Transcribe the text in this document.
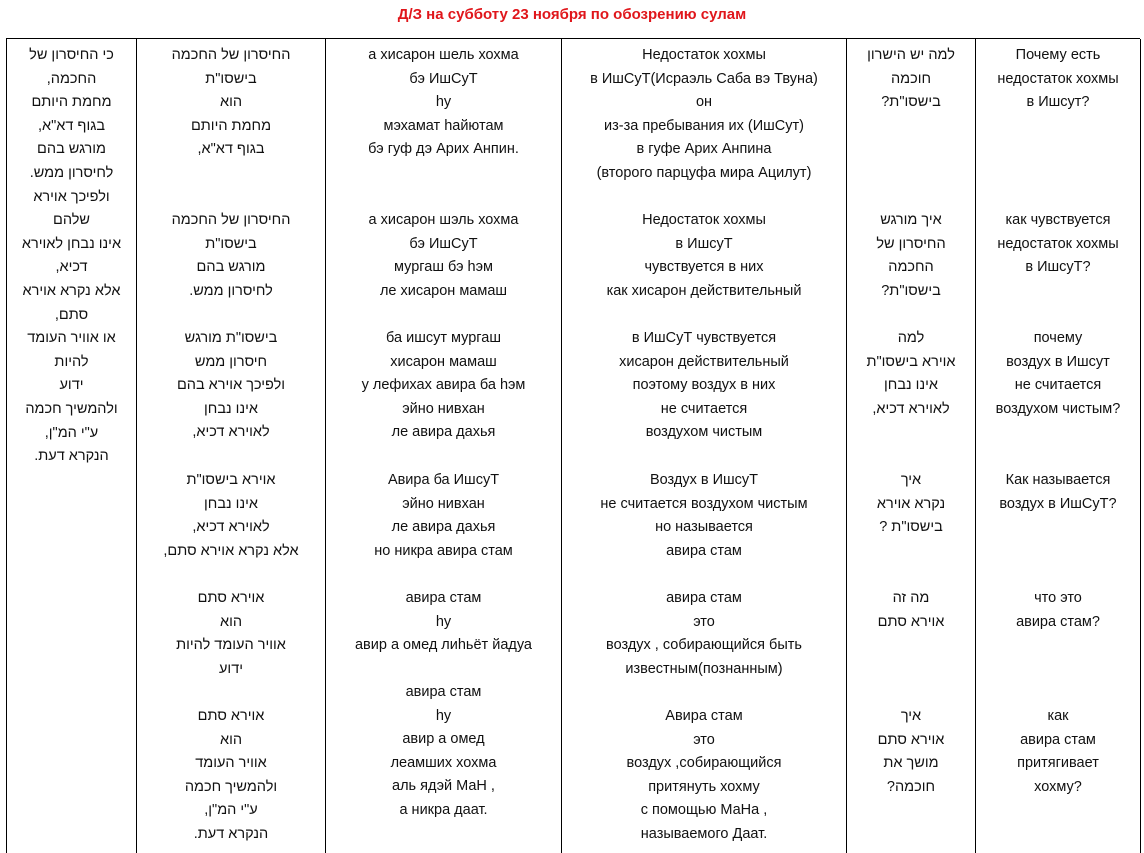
Д/З на субботу 23 ноября по обозрению сулам
כי החיסרון של
החכמה,
מחמת היותם
בגוף דא"א,
מורגש בהם
לחיסרון ממש.
ולפיכך אוירא
שלהם
אינו נבחן לאוירא
דכיא,
אלא נקרא אוירא
סתם,
או אוויר העומד
להיות
ידוע
ולהמשיך חכמה
ע"י המ"ן,
הנקרא דעת.
החיסרון של החכמה
בישסו"ת
הוא
מחמת היותם
בגוף דא"א,
החיסרון של החכמה
בישסו"ת
מורגש בהם
לחיסרון ממש.
בישסו"ת מורגש
חיסרון ממש
ולפיכך אוירא בהם
אינו נבחן
לאוירא דכיא,
אוירא בישסו"ת
אינו נבחן
לאוירא דכיא,
אלא נקרא אוירא סתם,
אוירא סתם
הוא
אוויר העומד להיות
ידוע
אוירא סתם
הוא
אוויר העומד
ולהמשיך חכמה
ע"י המ"ן,
הנקרא דעת.
а хисарон шель хохма
бэ ИшСуТ
hу
мэхамат hайютам
бэ гуф дэ Арих Анпин.
а хисарон шэль хохма
бэ ИшСуТ
мургаш бэ hэм
ле хисарон мамаш
ба ишсут мургаш
хисарон мамаш
у лефихах авира ба hэм
эйно нивхан
ле авира дахья
Авира ба ИшсуТ
эйно нивхан
ле авира дахья
но никра авира стам
авира стам
hу
авир а омед лиhьёт йадуа
авира стам
hу
авир а омед
леамших хохма
аль ядэй МаН ,
а никра даат.
Недостаток хохмы
в ИшСуТ(Исраэль Саба вэ Твуна)
он
из-за пребывания их (ИшСут)
в гуфе Арих Анпина
(второго парцуфа мира Ацилут)
Недостаток хохмы
в ИшсуТ
чувствуется в них
как хисарон действительный
в ИшСуТ чувствуется
хисарон действительный
поэтому воздух в них
не считается
воздухом чистым
Воздух в ИшсуТ
не считается воздухом чистым
но называется
авира стам
авира стам
это
воздух , собирающийся быть
известным(познанным)
Авира стам
это
воздух ,собирающийся
притянуть хохму
с помощью МаНа ,
называемого Даат.
למה יש הישרון
חוכמה
בישסו"ת?
איך מורגש
החיסרון של
החכמה
בישסו"ת?
למה
אוירא בישסו"ת
אינו נבחן
לאוירא דכיא,
איך
נקרא אוירא
בישסו"ת ?
מה זה
אוירא סתם
איך
אוירא סתם
מושך את
חוכמה?
Почему есть
недостаток хохмы
в Ишсут?
как чувствуется
недостаток хохмы
в ИшсуТ?
почему
воздух в Ишсут
не считается
воздухом чистым?
Как называется
воздух в ИшСуТ?
что это
авира стам?
как
авира стам
притягивает
хохму?
